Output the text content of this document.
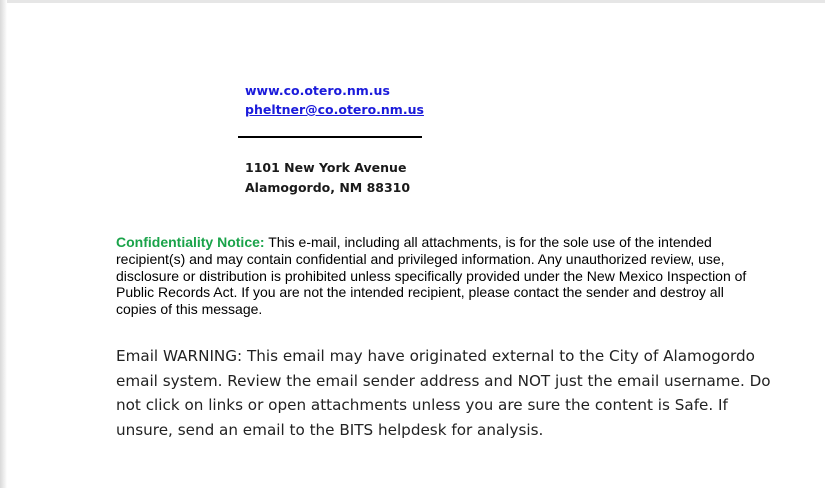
www.co.otero.nm.us
pheltner@co.otero.nm.us
1101 New York Avenue
Alamogordo, NM 88310
Confidentiality Notice: This e-mail, including all attachments, is for the sole use of the intended recipient(s) and may contain confidential and privileged information. Any unauthorized review, use, disclosure or distribution is prohibited unless specifically provided under the New Mexico Inspection of Public Records Act. If you are not the intended recipient, please contact the sender and destroy all copies of this message.
Email WARNING: This email may have originated external to the City of Alamogordo email system. Review the email sender address and NOT just the email username. Do not click on links or open attachments unless you are sure the content is Safe. If unsure, send an email to the BITS helpdesk for analysis.
